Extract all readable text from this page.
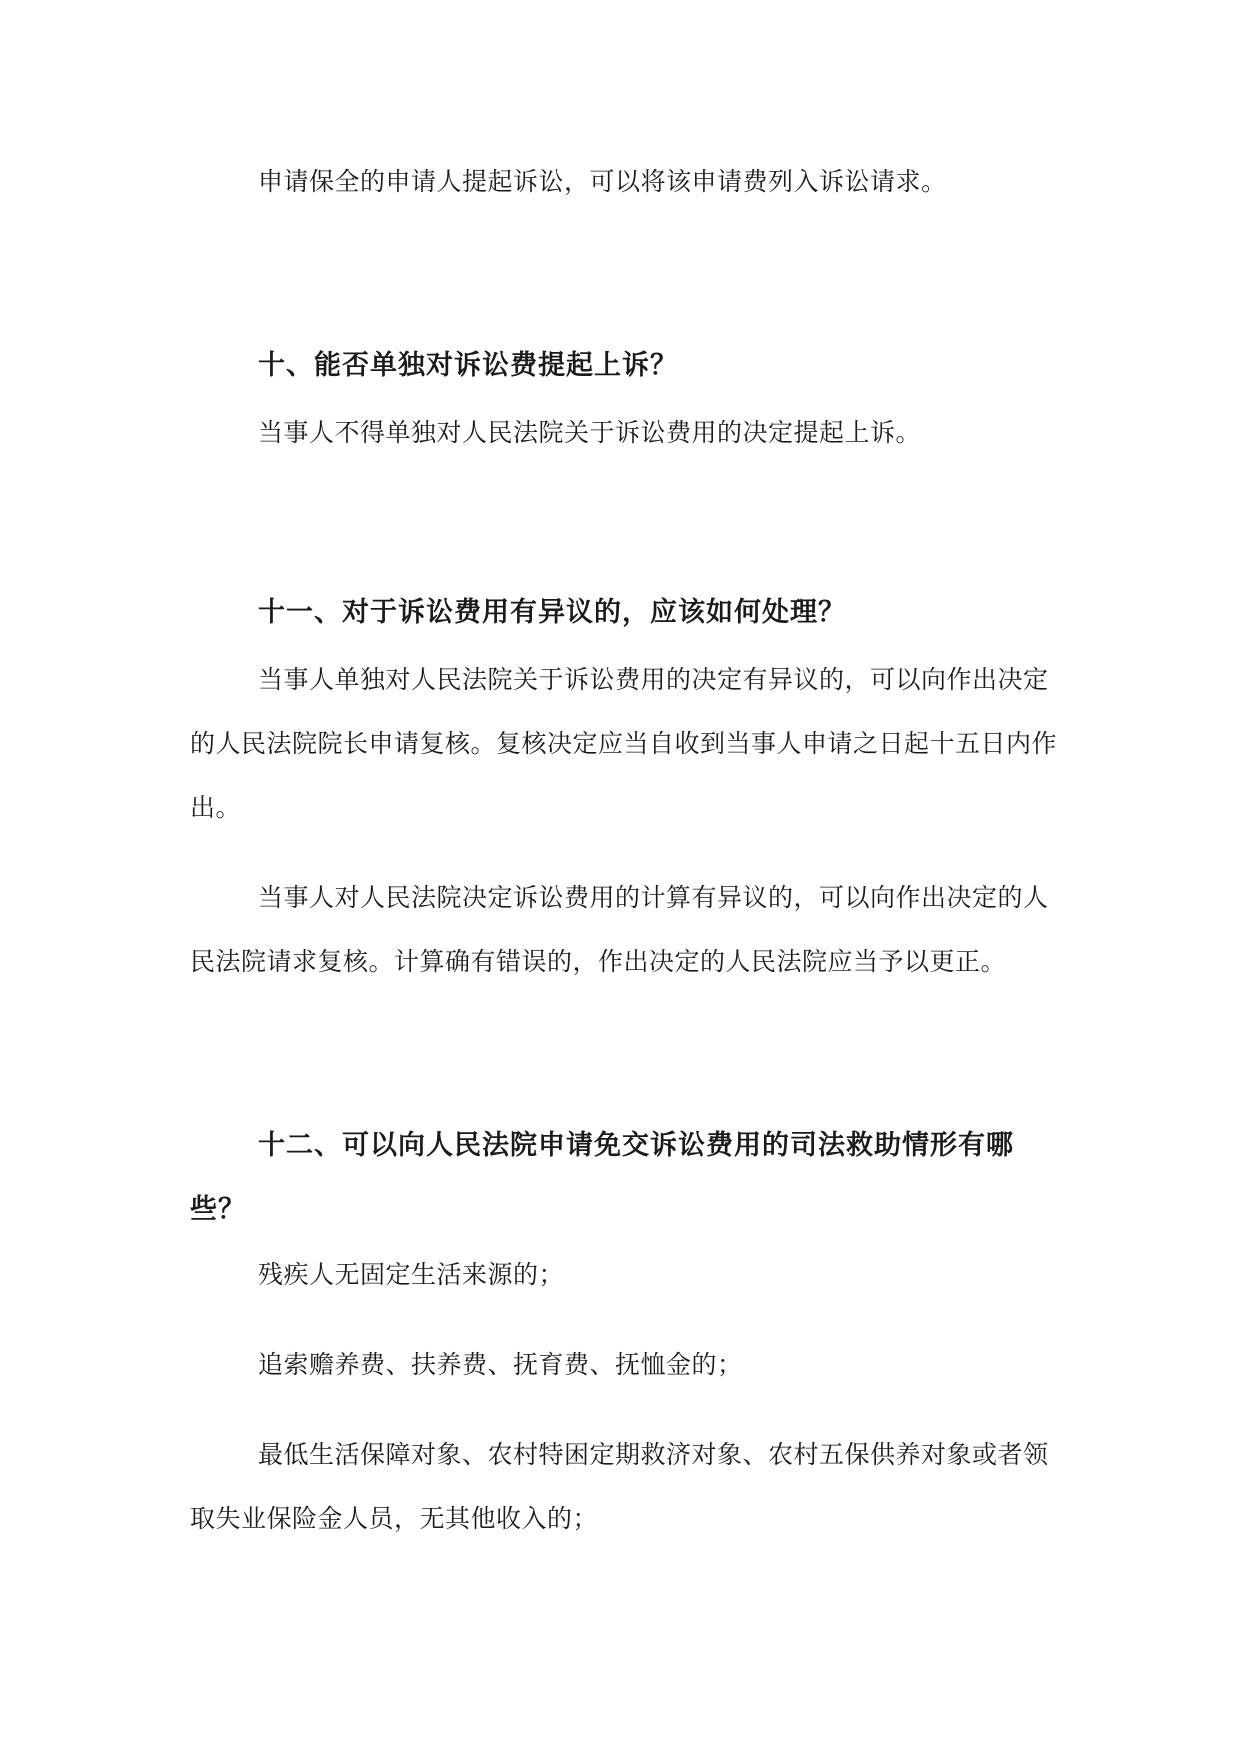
申请保全的申请人提起诉讼，可以将该申请费列入诉讼请求。

十、能否单独对诉讼费提起上诉？

当事人不得单独对人民法院关于诉讼费用的决定提起上诉。

十一、对于诉讼费用有异议的，应该如何处理？

当事人单独对人民法院关于诉讼费用的决定有异议的，可以向作出决定

的人民法院院长申请复核。复核决定应当自收到当事人申请之日起十五日内作

出。

当事人对人民法院决定诉讼费用的计算有异议的，可以向作出决定的人

民法院请求复核。计算确有错误的，作出决定的人民法院应当予以更正。

十二、可以向人民法院申请免交诉讼费用的司法救助情形有哪

些？

残疾人无固定生活来源的；

追索赡养费、扶养费、抚育费、抚恤金的；

最低生活保障对象、农村特困定期救济对象、农村五保供养对象或者领

取失业保险金人员，无其他收入的；
